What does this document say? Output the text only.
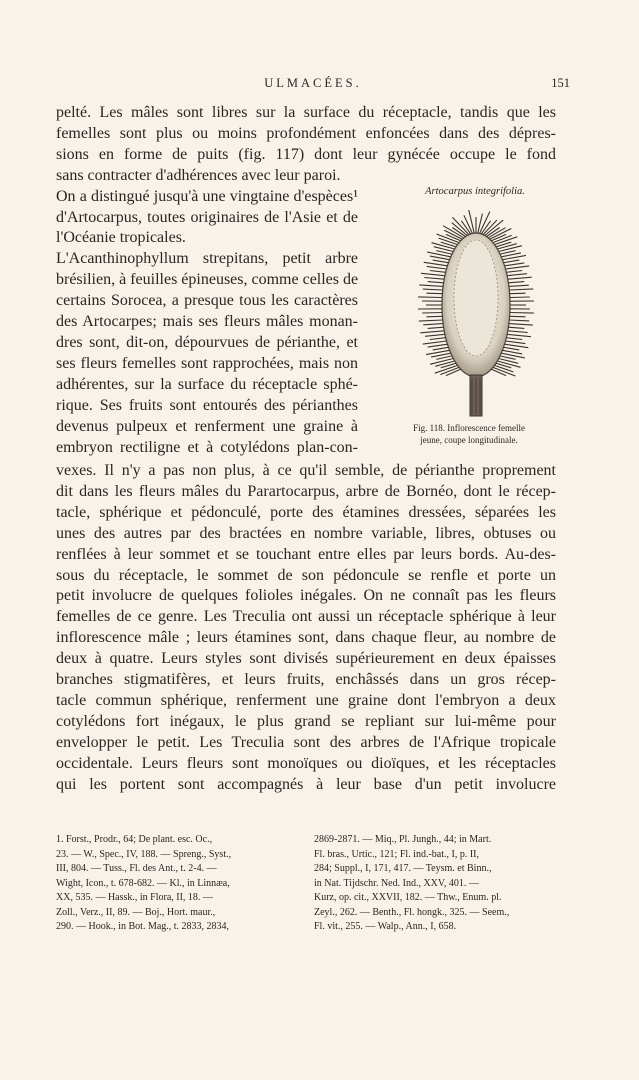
ULMACÉES.	151
pelté. Les mâles sont libres sur la surface du réceptacle, tandis que les
femelles sont plus ou moins profondément enfoncées dans des dépres-
sions en forme de puits (fig. 117) dont leur gynécée occupe le fond
sans contracter d'adhérences avec leur paroi.
On a distingué jusqu'à une vingtaine d'espèces¹
d'Artocarpus, toutes originaires de l'Asie et de
l'Océanie tropicales.
L'Acanthinophyllum strepitans, petit arbre
brésilien, à feuilles épineuses, comme celles de
certains Sorocea, a presque tous les caractères
des Artocarpes; mais ses fleurs mâles monan-
dres sont, dit-on, dépourvues de périanthe, et
ses fleurs femelles sont rapprochées, mais non
adhérentes, sur la surface du réceptacle sphé-
rique. Ses fruits sont entourés des périanthes
devenus pulpeux et renferment une graine à
embryon rectiligne et à cotylédons plan-con-
Artocarpus integrifolia.
Fig. 118. Inflorescence femelle
jeune, coupe longitudinale.
vexes. Il n'y a pas non plus, à ce qu'il semble, de périanthe proprement
dit dans les fleurs mâles du Parartocarpus, arbre de Bornéo, dont le récep-
tacle, sphérique et pédonculé, porte des étamines dressées, séparées les
unes des autres par des bractées en nombre variable, libres, obtuses ou
renflées à leur sommet et se touchant entre elles par leurs bords. Au-des-
sous du réceptacle, le sommet de son pédoncule se renfle et porte un
petit involucre de quelques folioles inégales. On ne connaît pas les fleurs
femelles de ce genre. Les Treculia ont aussi un réceptacle sphérique à leur
inflorescence mâle ; leurs étamines sont, dans chaque fleur, au nombre de
deux à quatre. Leurs styles sont divisés supérieurement en deux épaisses
branches stigmatifères, et leurs fruits, enchâssés dans un gros récep-
tacle commun sphérique, renferment une graine dont l'embryon a deux
cotylédons fort inégaux, le plus grand se repliant sur lui-même pour
envelopper le petit. Les Treculia sont des arbres de l'Afrique tropicale
occidentale. Leurs fleurs sont monoïques ou dioïques, et les réceptacles
qui les portent sont accompagnés à leur base d'un petit involucre
1. Forst., Prodr., 64; De plant. esc. Oc.,
23. — W., Spec., IV, 188. — Spreng., Syst.,
III, 804. — Tuss., Fl. des Ant., t. 2-4. —
Wight, Icon., t. 678-682. — Kl., in Linnæa,
XX, 535. — Hassk., in Flora, II, 18. —
Zoll., Verz., II, 89. — Boj., Hort. maur.,
290. — Hook., in Bot. Mag., t. 2833, 2834,
2869-2871. — Miq., Pl. Jungh., 44; in Mart.
Fl. bras., Urtic., 121; Fl. ind.-bat., I, p. II,
284; Suppl., I, 171, 417. — Teysm. et Binn.,
in Nat. Tijdschr. Ned. Ind., XXV, 401. —
Kurz, op. cit., XXVII, 182. — Thw., Enum. pl.
Zeyl., 262. — Benth., Fl. hongk., 325. — Seem.,
Fl. vit., 255. — Walp., Ann., I, 658.
